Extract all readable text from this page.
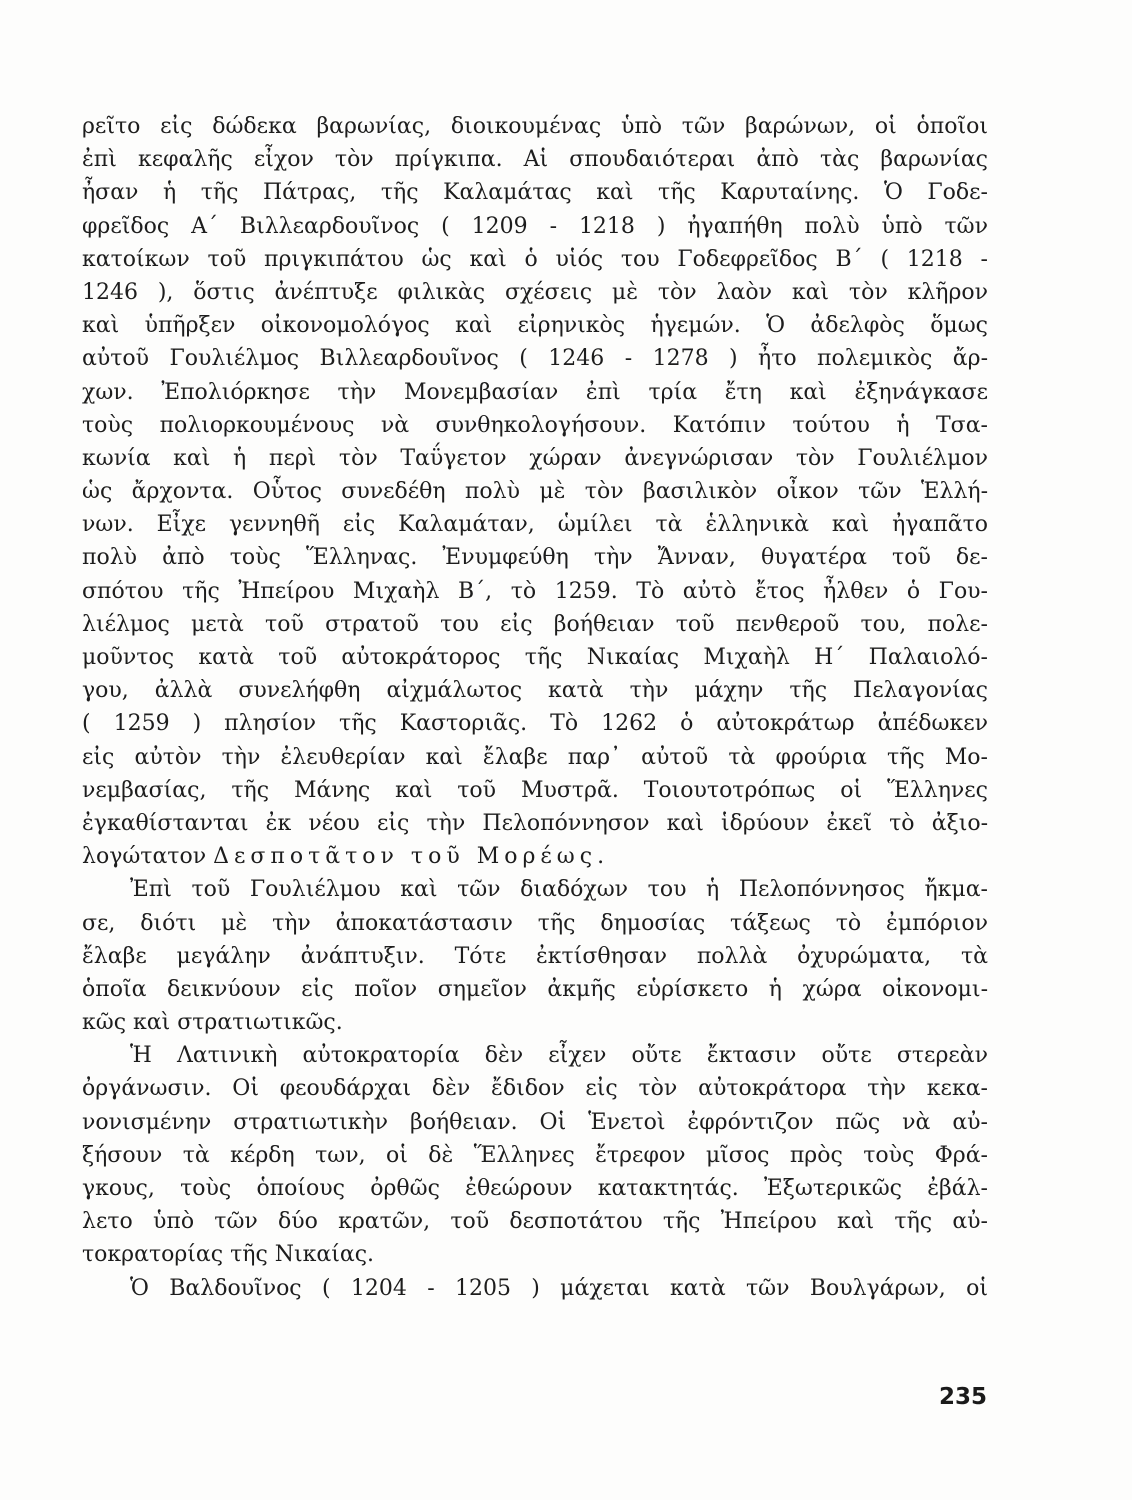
ρεῖτο εἰς δώδεκα βαρωνίας, διοικουμένας ὑπὸ τῶν βαρώνων, οἱ ὁποῖοι
ἐπὶ κεφαλῆς εἶχον τὸν πρίγκιπα. Αἱ σπουδαιότεραι ἀπὸ τὰς βαρωνίας
ἦσαν ἡ τῆς Πάτρας, τῆς Καλαμάτας καὶ τῆς Καρυταίνης. Ὁ Γοδε-
φρεῖδος Α΄ Βιλλεαρδουῖνος ( 1209 - 1218 ) ἠγαπήθη πολὺ ὑπὸ τῶν
κατοίκων τοῦ πριγκιπάτου ὡς καὶ ὁ υἱός του Γοδεφρεῖδος Β΄ ( 1218 -
1246 ), ὅστις ἀνέπτυξε φιλικὰς σχέσεις μὲ τὸν λαὸν καὶ τὸν κλῆρον
καὶ ὑπῆρξεν οἰκονομολόγος καὶ εἰρηνικὸς ἡγεμών. Ὁ ἀδελφὸς ὅμως
αὐτοῦ Γουλιέλμος Βιλλεαρδουῖνος ( 1246 - 1278 ) ἦτο πολεμικὸς ἄρ-
χων. Ἐπολιόρκησε τὴν Μονεμβασίαν ἐπὶ τρία ἔτη καὶ ἐξηνάγκασε
τοὺς πολιορκουμένους νὰ συνθηκολογήσουν. Κατόπιν τούτου ἡ Τσα-
κωνία καὶ ἡ περὶ τὸν Ταΰγετον χώραν ἀνεγνώρισαν τὸν Γουλιέλμον
ὡς ἄρχοντα. Οὗτος συνεδέθη πολὺ μὲ τὸν βασιλικὸν οἶκον τῶν Ἑλλή-
νων. Εἶχε γεννηθῆ εἰς Καλαμάταν, ὡμίλει τὰ ἑλληνικὰ καὶ ἠγαπᾶτο
πολὺ ἀπὸ τοὺς Ἕλληνας. Ἐνυμφεύθη τὴν Ἄνναν, θυγατέρα τοῦ δε-
σπότου τῆς Ἠπείρου Μιχαὴλ Β΄, τὸ 1259. Τὸ αὐτὸ ἔτος ἦλθεν ὁ Γου-
λιέλμος μετὰ τοῦ στρατοῦ του εἰς βοήθειαν τοῦ πενθεροῦ του, πολε-
μοῦντος κατὰ τοῦ αὐτοκράτορος τῆς Νικαίας Μιχαὴλ Η΄ Παλαιολό-
γου, ἀλλὰ συνελήφθη αἰχμάλωτος κατὰ τὴν μάχην τῆς Πελαγονίας
( 1259 ) πλησίον τῆς Καστοριᾶς. Τὸ 1262 ὁ αὐτοκράτωρ ἀπέδωκεν
εἰς αὐτὸν τὴν ἐλευθερίαν καὶ ἔλαβε παρ᾽ αὐτοῦ τὰ φρούρια τῆς Μο-
νεμβασίας, τῆς Μάνης καὶ τοῦ Μυστρᾶ. Τοιουτοτρόπως οἱ Ἕλληνες
ἐγκαθίστανται ἐκ νέου εἰς τὴν Πελοπόννησον καὶ ἱδρύουν ἐκεῖ τὸ ἀξιο-
λογώτατον Δεσποτᾶτον τοῦ Μορέως.
Ἐπὶ τοῦ Γουλιέλμου καὶ τῶν διαδόχων του ἡ Πελοπόννησος ἤκμα-
σε, διότι μὲ τὴν ἀποκατάστασιν τῆς δημοσίας τάξεως τὸ ἐμπόριον
ἔλαβε μεγάλην ἀνάπτυξιν. Τότε ἐκτίσθησαν πολλὰ ὀχυρώματα, τὰ
ὁποῖα δεικνύουν εἰς ποῖον σημεῖον ἀκμῆς εὑρίσκετο ἡ χώρα οἰκονομι-
κῶς καὶ στρατιωτικῶς.
Ἡ Λατινικὴ αὐτοκρατορία δὲν εἶχεν οὔτε ἔκτασιν οὔτε στερεὰν
ὀργάνωσιν. Οἱ φεουδάρχαι δὲν ἔδιδον εἰς τὸν αὐτοκράτορα τὴν κεκα-
νονισμένην στρατιωτικὴν βοήθειαν. Οἱ Ἑνετοὶ ἐφρόντιζον πῶς νὰ αὐ-
ξήσουν τὰ κέρδη των, οἱ δὲ Ἕλληνες ἔτρεφον μῖσος πρὸς τοὺς Φρά-
γκους, τοὺς ὁποίους ὀρθῶς ἐθεώρουν κατακτητάς. Ἐξωτερικῶς ἐβάλ-
λετο ὑπὸ τῶν δύο κρατῶν, τοῦ δεσποτάτου τῆς Ἠπείρου καὶ τῆς αὐ-
τοκρατορίας τῆς Νικαίας.
Ὁ Βαλδουῖνος ( 1204 - 1205 ) μάχεται κατὰ τῶν Βουλγάρων, οἱ
235
